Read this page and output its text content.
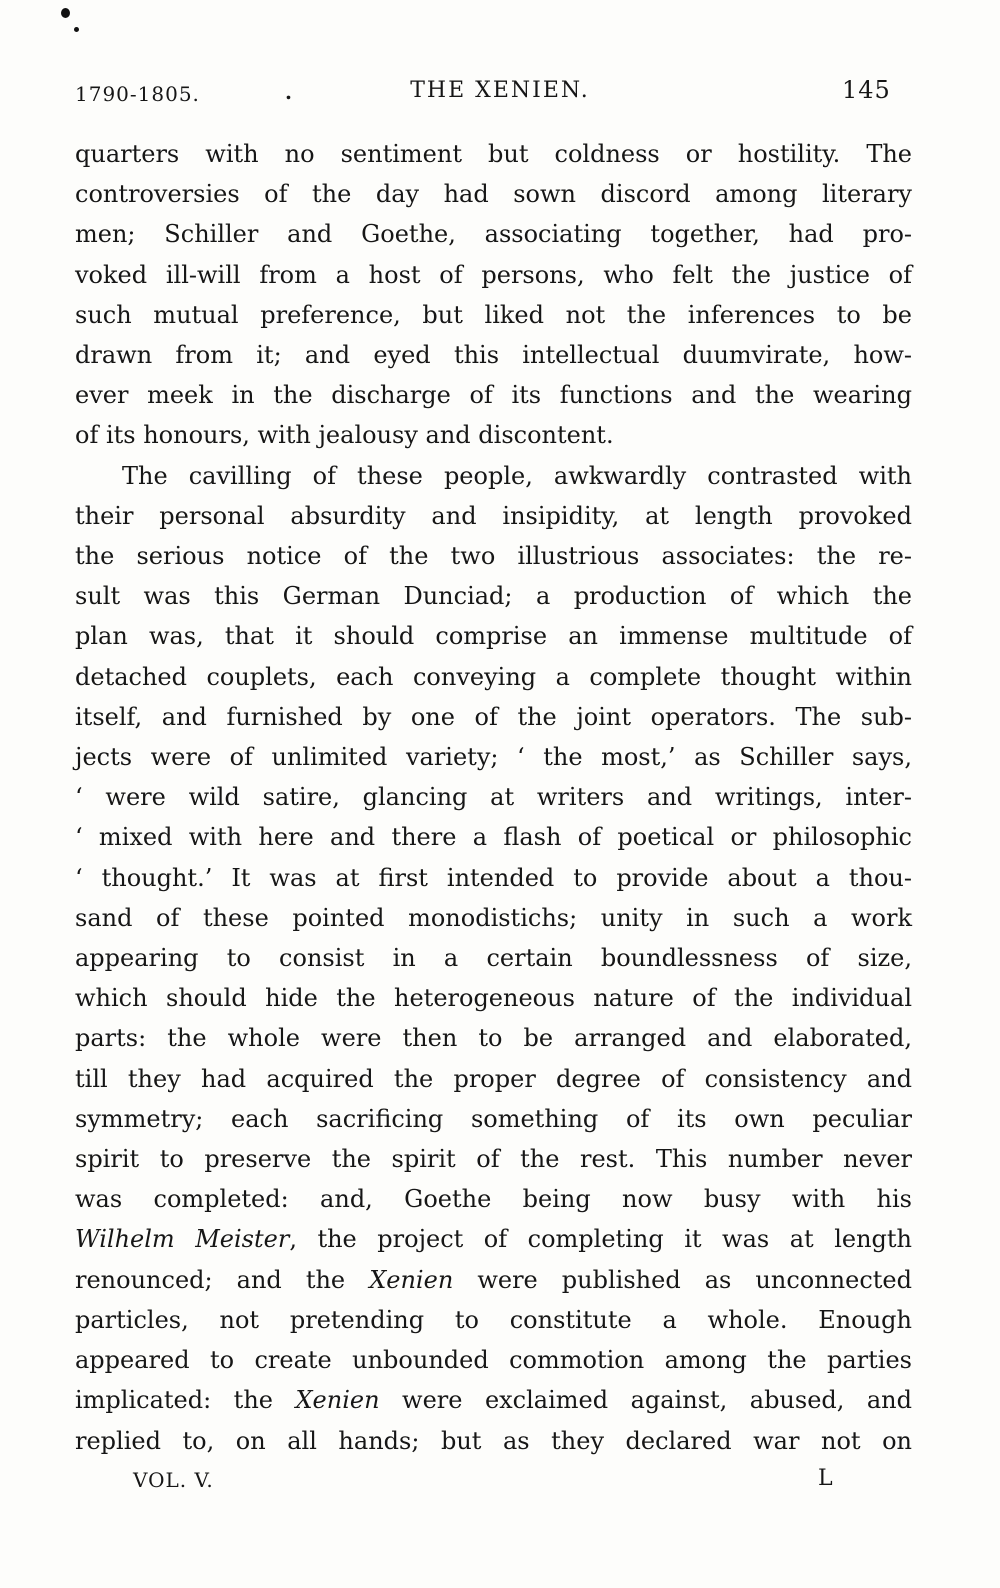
1790-1805.	.	THE XENIEN.	145
quarters with no sentiment but coldness or hostility. The
controversies of the day had sown discord among literary
men; Schiller and Goethe, associating together, had pro-
voked ill-will from a host of persons, who felt the justice of
such mutual preference, but liked not the inferences to be
drawn from it; and eyed this intellectual duumvirate, how-
ever meek in the discharge of its functions and the wearing
of its honours, with jealousy and discontent.
The cavilling of these people, awkwardly contrasted with
their personal absurdity and insipidity, at length provoked
the serious notice of the two illustrious associates: the re-
sult was this German Dunciad; a production of which the
plan was, that it should comprise an immense multitude of
detached couplets, each conveying a complete thought within
itself, and furnished by one of the joint operators. The sub-
jects were of unlimited variety; ‘ the most,’ as Schiller says,
‘ were wild satire, glancing at writers and writings, inter-
‘ mixed with here and there a flash of poetical or philosophic
‘ thought.’ It was at first intended to provide about a thou-
sand of these pointed monodistichs; unity in such a work
appearing to consist in a certain boundlessness of size,
which should hide the heterogeneous nature of the individual
parts: the whole were then to be arranged and elaborated,
till they had acquired the proper degree of consistency and
symmetry; each sacrificing something of its own peculiar
spirit to preserve the spirit of the rest. This number never
was completed: and, Goethe being now busy with his
Wilhelm Meister, the project of completing it was at length
renounced; and the Xenien were published as unconnected
particles, not pretending to constitute a whole. Enough
appeared to create unbounded commotion among the parties
implicated: the Xenien were exclaimed against, abused, and
replied to, on all hands; but as they declared war not on
VOL. V.	L
